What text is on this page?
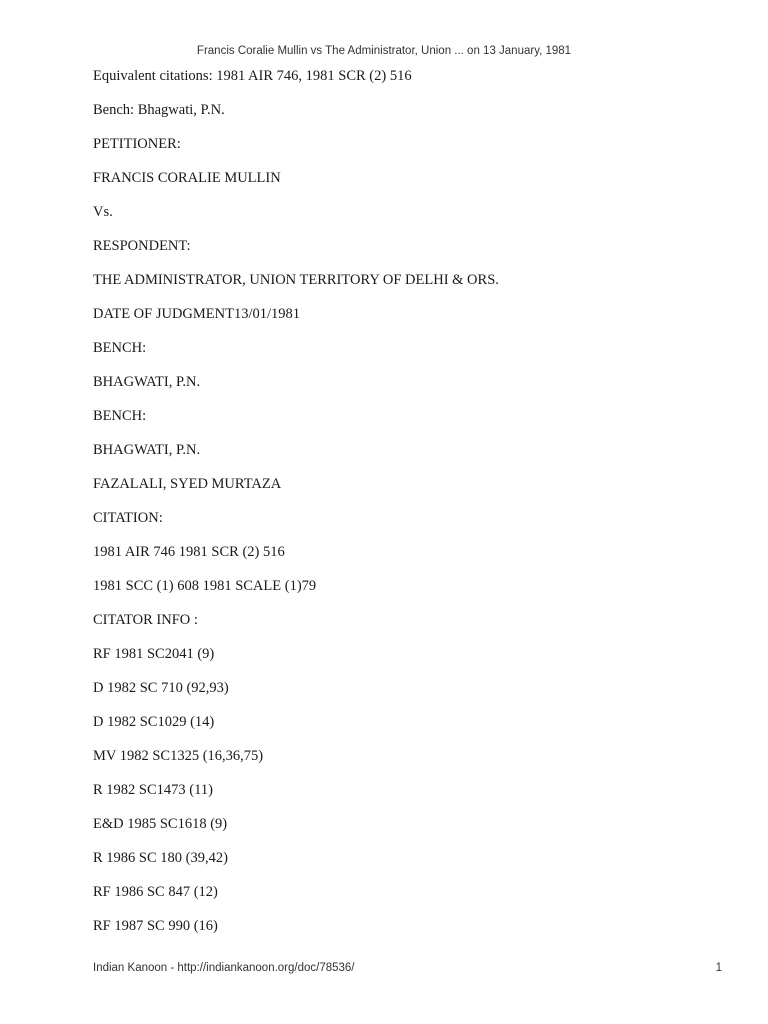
Francis Coralie Mullin vs The Administrator, Union ... on 13 January, 1981
Equivalent citations: 1981 AIR 746, 1981 SCR (2) 516
Bench: Bhagwati, P.N.
PETITIONER:
FRANCIS CORALIE MULLIN
Vs.
RESPONDENT:
THE ADMINISTRATOR, UNION TERRITORY OF DELHI & ORS.
DATE OF JUDGMENT13/01/1981
BENCH:
BHAGWATI, P.N.
BENCH:
BHAGWATI, P.N.
FAZALALI, SYED MURTAZA
CITATION:
1981 AIR 746 1981 SCR (2) 516
1981 SCC (1) 608 1981 SCALE (1)79
CITATOR INFO :
RF 1981 SC2041 (9)
D 1982 SC 710 (92,93)
D 1982 SC1029 (14)
MV 1982 SC1325 (16,36,75)
R 1982 SC1473 (11)
E&D 1985 SC1618 (9)
R 1986 SC 180 (39,42)
RF 1986 SC 847 (12)
RF 1987 SC 990 (16)
Indian Kanoon - http://indiankanoon.org/doc/78536/	1
